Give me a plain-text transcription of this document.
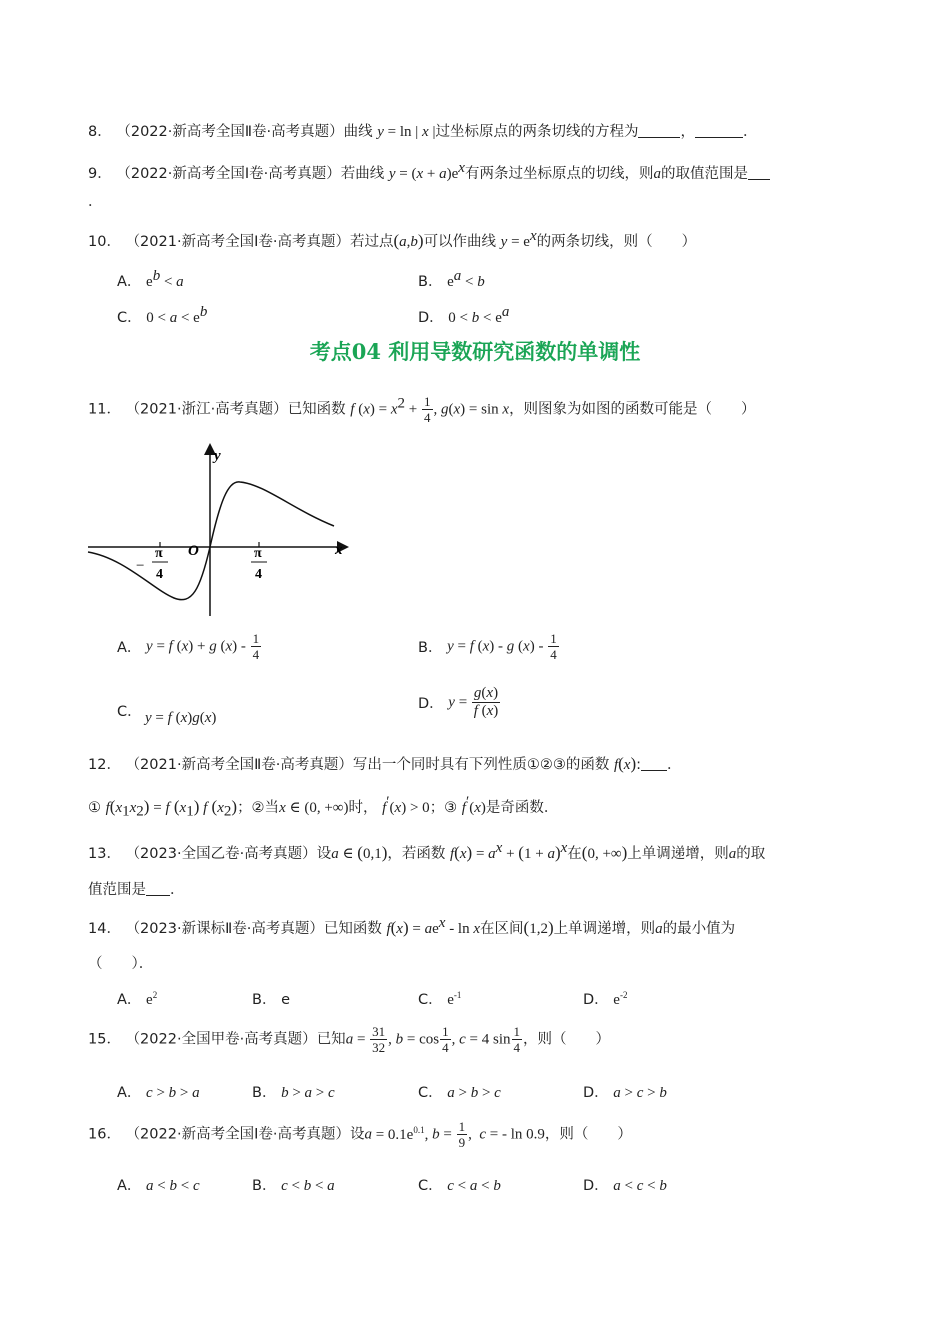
8． （2022·新高考全国Ⅱ卷·高考真题）曲线 y = ln | x |过坐标原点的两条切线的方程为	，	．
9． （2022·新高考全国Ⅰ卷·高考真题）若曲线 $y = (x + a)e^x$有两条过坐标原点的切线，则a的取值范围是
．
10． （2021·新高考全国Ⅰ卷·高考真题）若过点(a,b)可以作曲线 $y = e^x$的两条切线，则（　　）
A． $e^b < a$	B． $e^a < b$
C． $0 < a < e^b$	D． $0 < b < e^a$
考点04 利用导数研究函数的单调性
11． （2021·浙江·高考真题）已知函数 f $(x) = x^2 + \frac{1}{4}$ , g(x) = sin x，则图象为如图的函数可能是（　　）
y
x
O
−
π
4
π
4
A． y = f (x) + g $(x) - \frac{1}{4}$	B． y = f (x) - g $(x) - \frac{1}{4}$
C． y = f (x)g(x)
D． $y = \frac{g(x)}{f (x)}$
12． （2021·新高考全国Ⅱ卷·高考真题）写出一个同时具有下列性质①②③的函数 f(x): ．
① $f(x_1x_2) = f$ $(x_1)$ f $(x_2)$；②当x ∈ (0, +∞)时， f′(x) > 0；③ f′(x)是奇函数．
13． （2023·全国乙卷·高考真题）设a ∈ (0,1)，若函数 $f(x) = a^x + (1 + a)^x$在(0, +∞)上单调递增，则a的取
值范围是 ．
14． （2023·新课标Ⅱ卷·高考真题）已知函数 $f(x) = ae^x - \ln x$在区间(1,2)上单调递增，则a的最小值为
（　　）．
A． $e^2$	B． e	C． $e^{-1}$	D． $e^{-2}$
15． （2022·全国甲卷·高考真题）已知$a = \frac{31}{32}$ , $b = \cos \frac{1}{4}$ , c = 4 $\sin \frac{1}{4}$ ，则（　　）
A． c > b > a	B． b > a > c	C． a > b > c	D． a > c > b
16． （2022·新高考全国Ⅰ卷·高考真题）设$a = 0.1e^{0.1}$, $b = \frac{1}{9}$ ,  c = - ln 0.9，则（　　）
A． a < b < c	B． c < b < a	C． c < a < b	D． a < c < b
